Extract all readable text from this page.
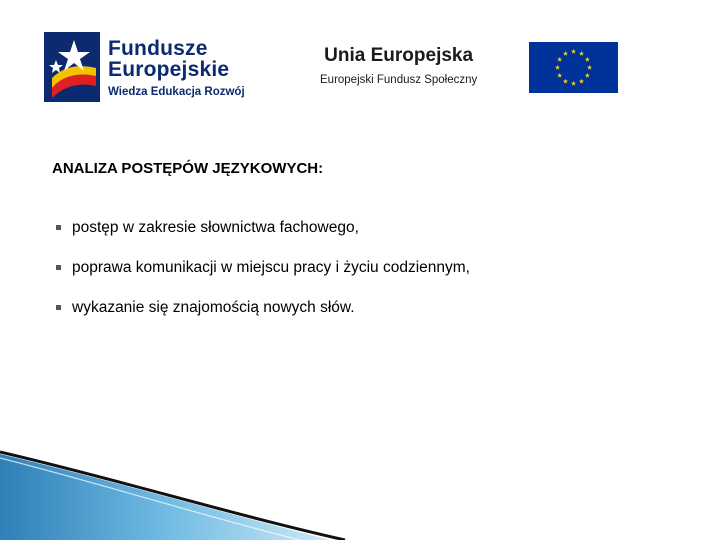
Fundusze
Europejskie
Wiedza Edukacja Rozwój
Unia Europejska
Europejski Fundusz Społeczny
ANALIZA POSTĘPÓW JĘZYKOWYCH:
postęp w zakresie słownictwa fachowego,
poprawa komunikacji w miejscu pracy i życiu codziennym,
wykazanie się znajomością nowych słów.
